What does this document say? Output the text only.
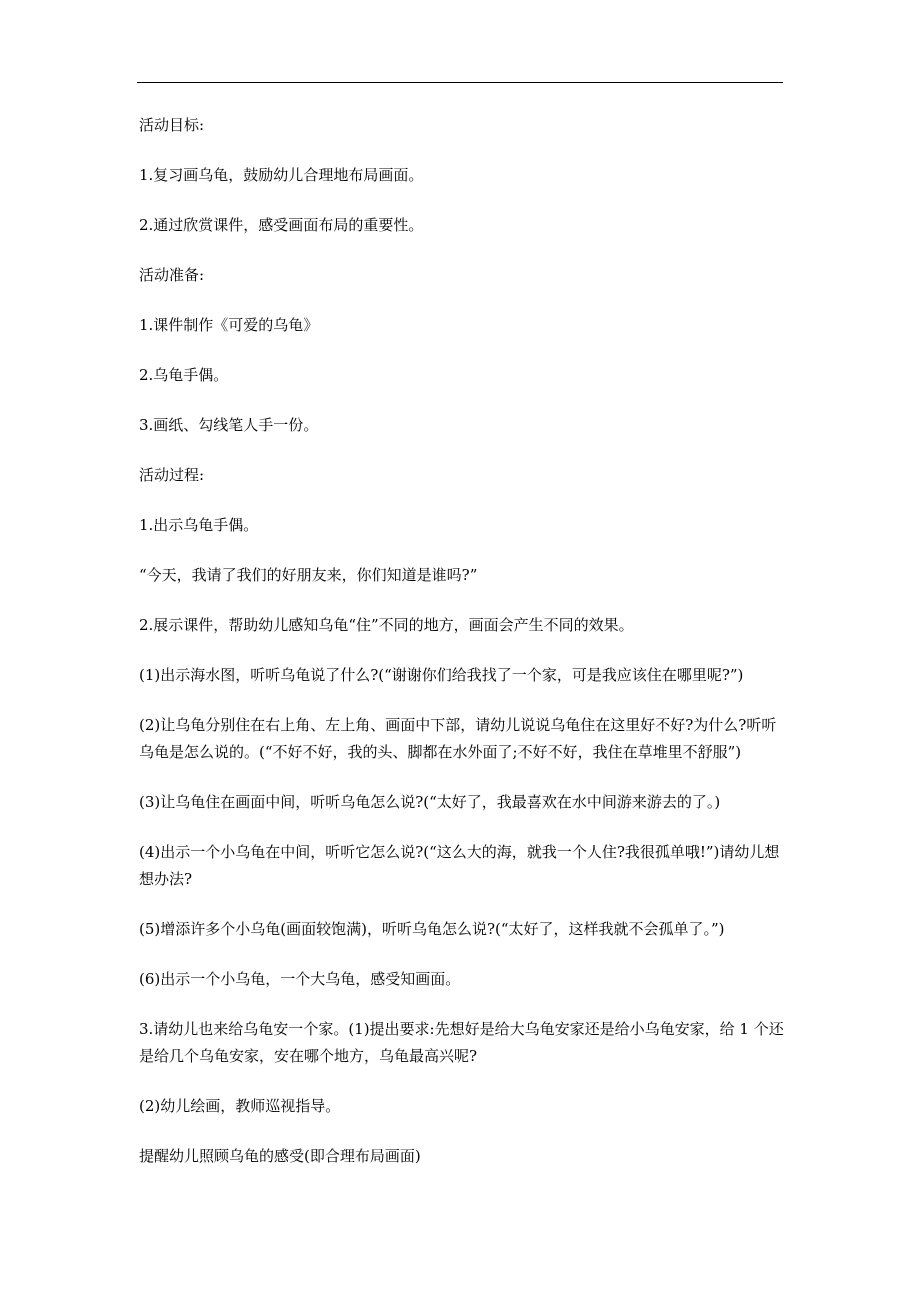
活动目标:

1.复习画乌龟，鼓励幼儿合理地布局画面。

2.通过欣赏课件，感受画面布局的重要性。

活动准备:

1.课件制作《可爱的乌龟》

2.乌龟手偶。

3.画纸、勾线笔人手一份。

活动过程:

1.出示乌龟手偶。

“今天，我请了我们的好朋友来，你们知道是谁吗?”

2.展示课件，帮助幼儿感知乌龟“住”不同的地方，画面会产生不同的效果。

(1)出示海水图，听听乌龟说了什么?(“谢谢你们给我找了一个家，可是我应该住在哪里呢?”)

(2)让乌龟分别住在右上角、左上角、画面中下部，请幼儿说说乌龟住在这里好不好?为什么?听听乌龟是怎么说的。(“不好不好，我的头、脚都在水外面了;不好不好，我住在草堆里不舒服”)

(3)让乌龟住在画面中间，听听乌龟怎么说?(“太好了，我最喜欢在水中间游来游去的了。)

(4)出示一个小乌龟在中间，听听它怎么说?(“这么大的海，就我一个人住?我很孤单哦!”)请幼儿想想办法?

(5)增添许多个小乌龟(画面较饱满)，听听乌龟怎么说?(“太好了，这样我就不会孤单了。”)

(6)出示一个小乌龟，一个大乌龟，感受知画面。

3.请幼儿也来给乌龟安一个家。(1)提出要求:先想好是给大乌龟安家还是给小乌龟安家，给 1 个还是给几个乌龟安家，安在哪个地方，乌龟最高兴呢?

(2)幼儿绘画，教师巡视指导。

提醒幼儿照顾乌龟的感受(即合理布局画面)
